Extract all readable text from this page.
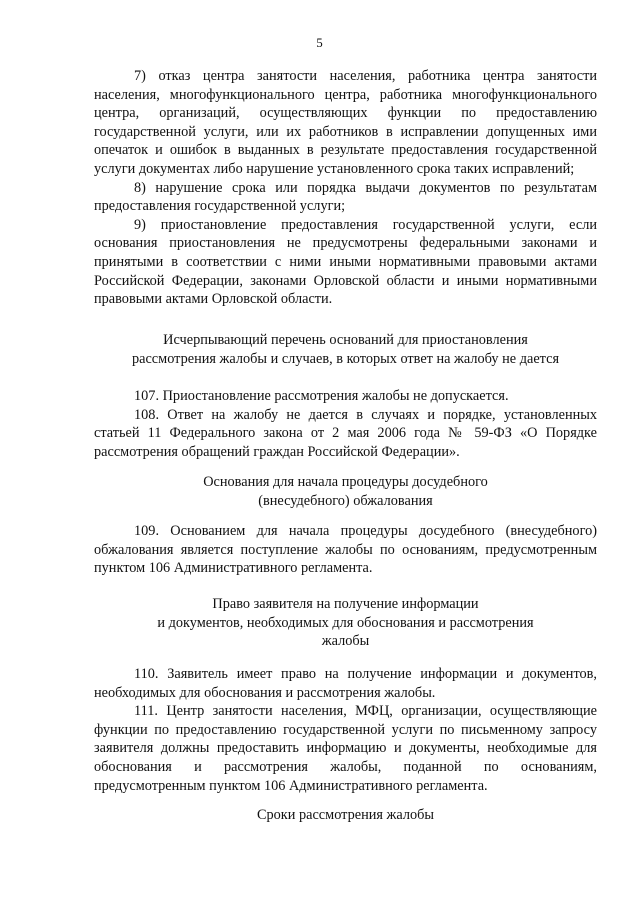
5

7) отказ центра занятости населения, работника центра занятости населения, многофункционального центра, работника многофункционального центра, организаций, осуществляющих функции по предоставлению государственной услуги, или их работников в исправлении допущенных ими опечаток и ошибок в выданных в результате предоставления государственной услуги документах либо нарушение установленного срока таких исправлений;

8) нарушение срока или порядка выдачи документов по результатам предоставления государственной услуги;

9) приостановление предоставления государственной услуги, если основания приостановления не предусмотрены федеральными законами и принятыми в соответствии с ними иными нормативными правовыми актами Российской Федерации, законами Орловской области и иными нормативными правовыми актами Орловской области.

Исчерпывающий перечень оснований для приостановления

рассмотрения жалобы и случаев, в которых ответ на жалобу не дается

107. Приостановление рассмотрения жалобы не допускается.

108. Ответ на жалобу не дается в случаях и порядке, установленных статьей 11 Федерального закона от 2 мая 2006 года № 59-ФЗ «О Порядке рассмотрения обращений граждан Российской Федерации».

Основания для начала процедуры досудебного

(внесудебного) обжалования

109. Основанием для начала процедуры досудебного (внесудебного) обжалования является поступление жалобы по основаниям, предусмотренным пунктом 106 Административного регламента.

Право заявителя на получение информации

и документов, необходимых для обоснования и рассмотрения

жалобы

110. Заявитель имеет право на получение информации и документов, необходимых для обоснования и рассмотрения жалобы.

111. Центр занятости населения, МФЦ, организации, осуществляющие функции по предоставлению государственной услуги по письменному запросу заявителя должны предоставить информацию и документы, необходимые для обоснования и рассмотрения жалобы, поданной по основаниям, предусмотренным пунктом 106 Административного регламента.

Сроки рассмотрения жалобы
